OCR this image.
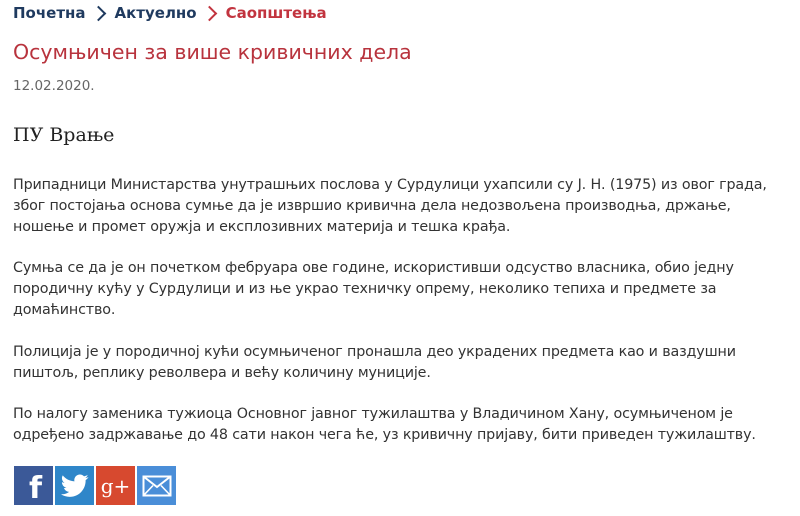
Почетна Актуелно Саопштења
Осумњичен за више кривичних дела
12.02.2020.
ПУ Врање

Припадници Министарства унутрашњих послова у Сурдулици ухапсили су Ј. Н. (1975) из овог града, због постојања основа сумње да је извршио кривична дела недозвољена производња, држање, ношење и промет оружја и експлозивних материја и тешка крађа.

Сумња се да је он почетком фебруара ове године, искористивши одсуство власника, обио једну породичну кућу у Сурдулици и из ње украо техничку опрему, неколико тепиха и предмете за домаћинство.

Полиција је у породичној кући осумњиченог пронашла део украдених предмета као и ваздушни пиштољ, реплику револвера и већу количину муниције.

По налогу заменика тужиоца Основног јавног тужилаштва у Владичином Хану, осумњиченом је одређено задржавање до 48 сати након чега ће, уз кривичну пријаву, бити приведен тужилаштву.

f	g+
